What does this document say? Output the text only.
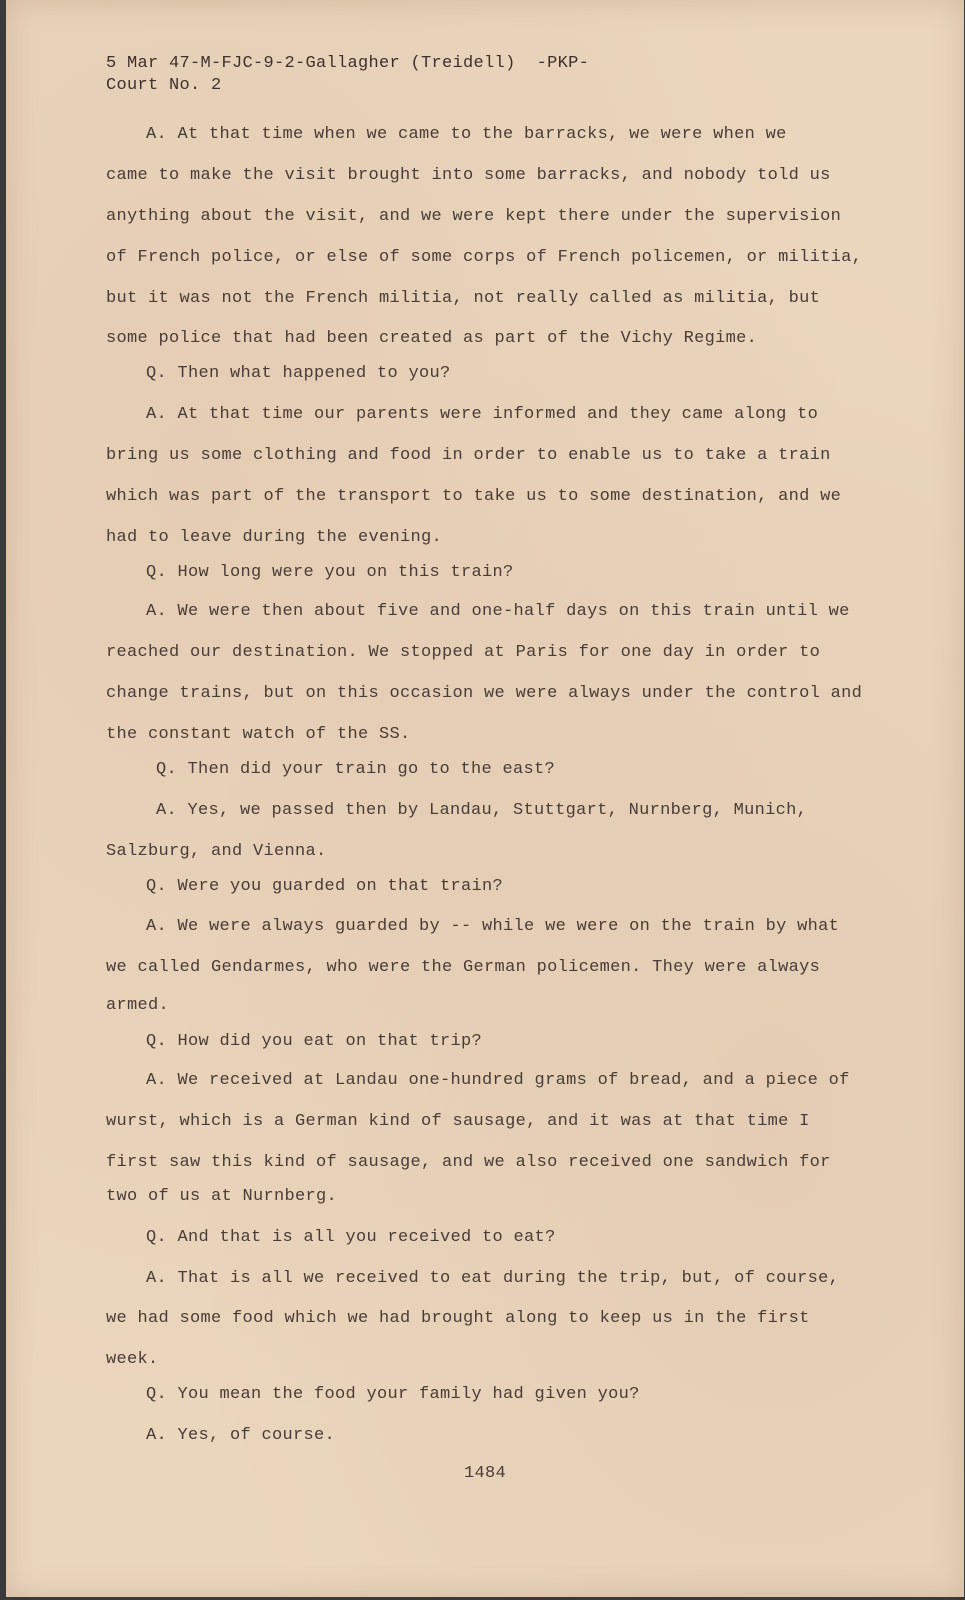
5 Mar 47-M-FJC-9-2-Gallagher (Treidell)  -PKP-
Court No. 2
A. At that time when we came to the barracks, we were when we
came to make the visit brought into some barracks, and nobody told us
anything about the visit, and we were kept there under the supervision
of French police, or else of some corps of French policemen, or militia,
but it was not the French militia, not really called as militia, but
some police that had been created as part of the Vichy Regime.
Q. Then what happened to you?
A. At that time our parents were informed and they came along to
bring us some clothing and food in order to enable us to take a train
which was part of the transport to take us to some destination, and we
had to leave during the evening.
Q. How long were you on this train?
A. We were then about five and one-half days on this train until we
reached our destination. We stopped at Paris for one day in order to
change trains, but on this occasion we were always under the control and
the constant watch of the SS.
Q. Then did your train go to the east?
A. Yes, we passed then by Landau, Stuttgart, Nurnberg, Munich,
Salzburg, and Vienna.
Q. Were you guarded on that train?
A. We were always guarded by -- while we were on the train by what
we called Gendarmes, who were the German policemen. They were always
armed.
Q. How did you eat on that trip?
A. We received at Landau one-hundred grams of bread, and a piece of
wurst, which is a German kind of sausage, and it was at that time I
first saw this kind of sausage, and we also received one sandwich for
two of us at Nurnberg.
Q. And that is all you received to eat?
A. That is all we received to eat during the trip, but, of course,
we had some food which we had brought along to keep us in the first
week.
Q. You mean the food your family had given you?
A. Yes, of course.
1484
